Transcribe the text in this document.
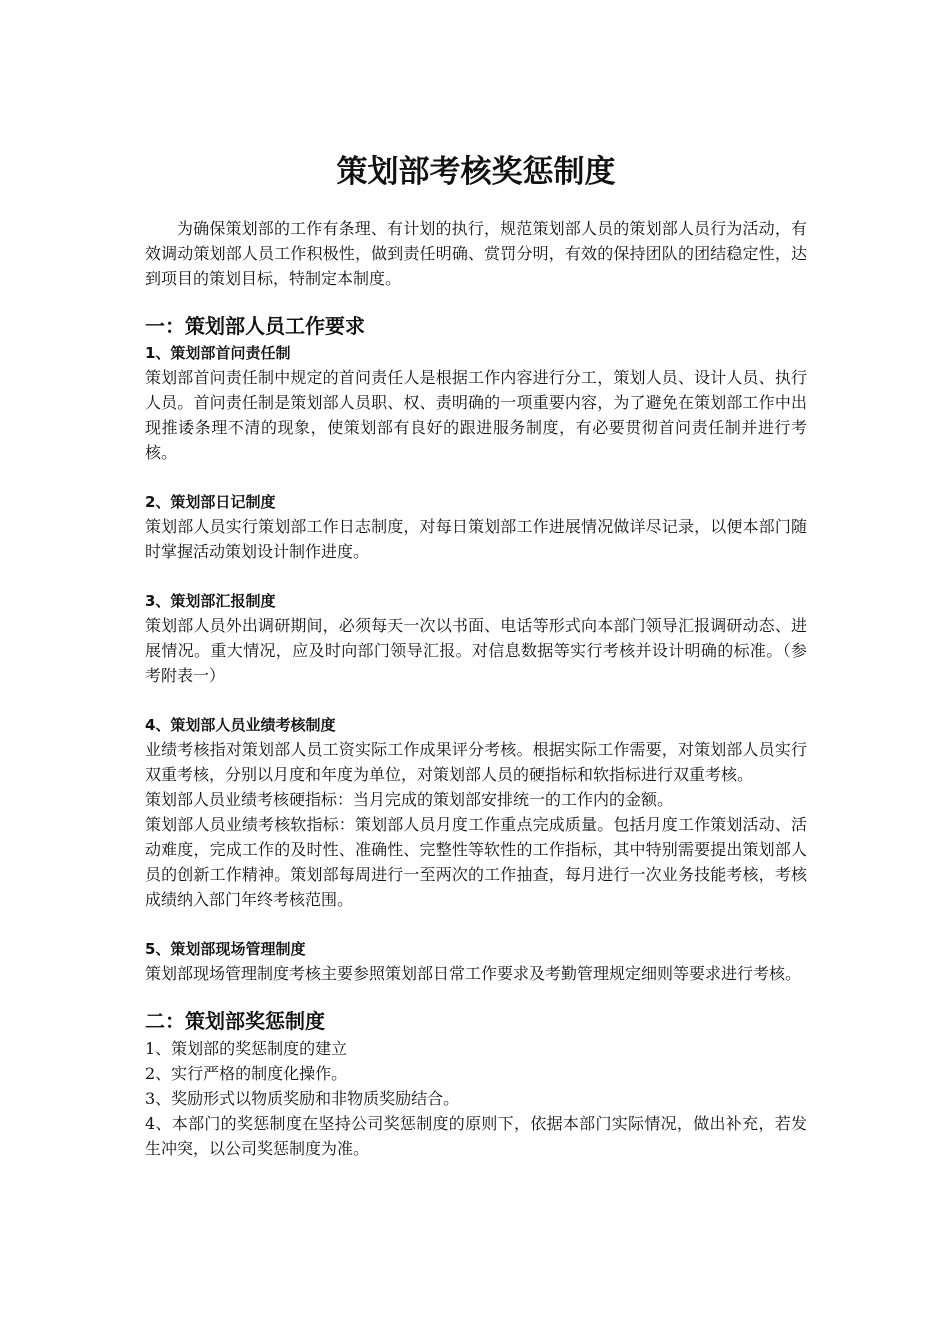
策划部考核奖惩制度

为确保策划部的工作有条理、有计划的执行，规范策划部人员的策划部人员行为活动，有效调动策划部人员工作积极性，做到责任明确、赏罚分明，有效的保持团队的团结稳定性，达到项目的策划目标，特制定本制度。

一：策划部人员工作要求
1、策划部首问责任制

策划部首问责任制中规定的首问责任人是根据工作内容进行分工，策划人员、设计人员、执行人员。首问责任制是策划部人员职、权、责明确的一项重要内容，为了避免在策划部工作中出现推诿条理不清的现象，使策划部有良好的跟进服务制度，有必要贯彻首问责任制并进行考核。

2、策划部日记制度

策划部人员实行策划部工作日志制度，对每日策划部工作进展情况做详尽记录，以便本部门随时掌握活动策划设计制作进度。

3、策划部汇报制度

策划部人员外出调研期间，必须每天一次以书面、电话等形式向本部门领导汇报调研动态、进展情况。重大情况，应及时向部门领导汇报。对信息数据等实行考核并设计明确的标准。（参考附表一）

4、策划部人员业绩考核制度

业绩考核指对策划部人员工资实际工作成果评分考核。根据实际工作需要，对策划部人员实行双重考核，分别以月度和年度为单位，对策划部人员的硬指标和软指标进行双重考核。

策划部人员业绩考核硬指标：当月完成的策划部安排统一的工作内的金额。

策划部人员业绩考核软指标：策划部人员月度工作重点完成质量。包括月度工作策划活动、活动难度，完成工作的及时性、准确性、完整性等软性的工作指标，其中特别需要提出策划部人员的创新工作精神。策划部每周进行一至两次的工作抽查，每月进行一次业务技能考核，考核成绩纳入部门年终考核范围。

5、策划部现场管理制度

策划部现场管理制度考核主要参照策划部日常工作要求及考勤管理规定细则等要求进行考核。

二：策划部奖惩制度

1、策划部的奖惩制度的建立

2、实行严格的制度化操作。

3、奖励形式以物质奖励和非物质奖励结合。

4、本部门的奖惩制度在坚持公司奖惩制度的原则下，依据本部门实际情况，做出补充，若发生冲突，以公司奖惩制度为准。
